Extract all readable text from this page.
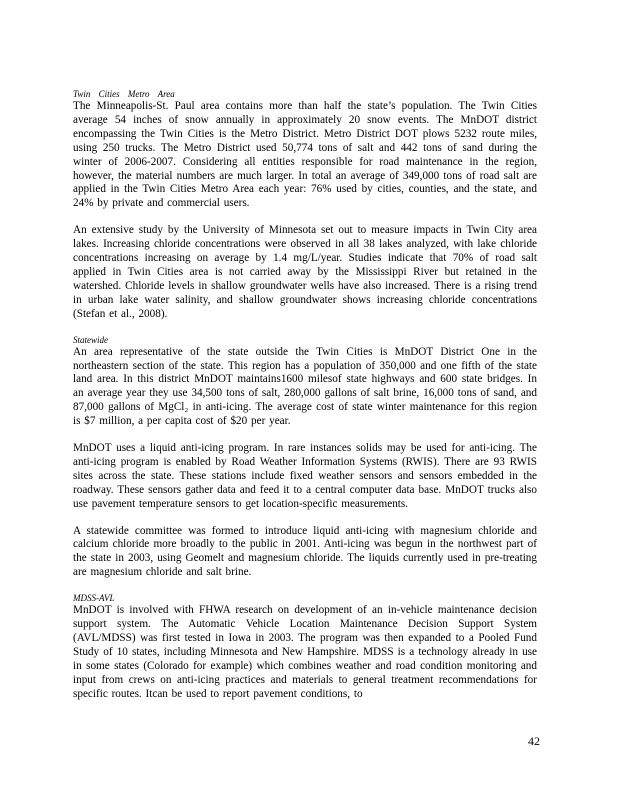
Twin Cities Metro Area

The Minneapolis-St. Paul area contains more than half the state’s population. The Twin Cities average 54 inches of snow annually in approximately 20 snow events. The MnDOT district encompassing the Twin Cities is the Metro District. Metro District DOT plows 5232 route miles, using 250 trucks. The Metro District used 50,774 tons of salt and 442 tons of sand during the winter of 2006-2007. Considering all entities responsible for road maintenance in the region, however, the material numbers are much larger. In total an average of 349,000 tons of road salt are applied in the Twin Cities Metro Area each year: 76% used by cities, counties, and the state, and 24% by private and commercial users.

An extensive study by the University of Minnesota set out to measure impacts in Twin City area lakes. Increasing chloride concentrations were observed in all 38 lakes analyzed, with lake chloride concentrations increasing on average by 1.4 mg/L/year. Studies indicate that 70% of road salt applied in Twin Cities area is not carried away by the Mississippi River but retained in the watershed. Chloride levels in shallow groundwater wells have also increased. There is a rising trend in urban lake water salinity, and shallow groundwater shows increasing chloride concentrations (Stefan et al., 2008).

Statewide

An area representative of the state outside the Twin Cities is MnDOT District One in the northeastern section of the state. This region has a population of 350,000 and one fifth of the state land area. In this district MnDOT maintains1600 milesof state highways and 600 state bridges. In an average year they use 34,500 tons of salt, 280,000 gallons of salt brine, 16,000 tons of sand, and 87,000 gallons of MgCl₂ in anti-icing. The average cost of state winter maintenance for this region is $7 million, a per capita cost of $20 per year.

MnDOT uses a liquid anti-icing program. In rare instances solids may be used for anti-icing. The anti-icing program is enabled by Road Weather Information Systems (RWIS). There are 93 RWIS sites across the state. These stations include fixed weather sensors and sensors embedded in the roadway. These sensors gather data and feed it to a central computer data base. MnDOT trucks also use pavement temperature sensors to get location-specific measurements.

A statewide committee was formed to introduce liquid anti-icing with magnesium chloride and calcium chloride more broadly to the public in 2001. Anti-icing was begun in the northwest part of the state in 2003, using Geomelt and magnesium chloride. The liquids currently used in pre-treating are magnesium chloride and salt brine.

MDSS-AVL

MnDOT is involved with FHWA research on development of an in-vehicle maintenance decision support system. The Automatic Vehicle Location Maintenance Decision Support System (AVL/MDSS) was first tested in Iowa in 2003. The program was then expanded to a Pooled Fund Study of 10 states, including Minnesota and New Hampshire. MDSS is a technology already in use in some states (Colorado for example) which combines weather and road condition monitoring and input from crews on anti-icing practices and materials to general treatment recommendations for specific routes. Itcan be used to report pavement conditions, to

42
